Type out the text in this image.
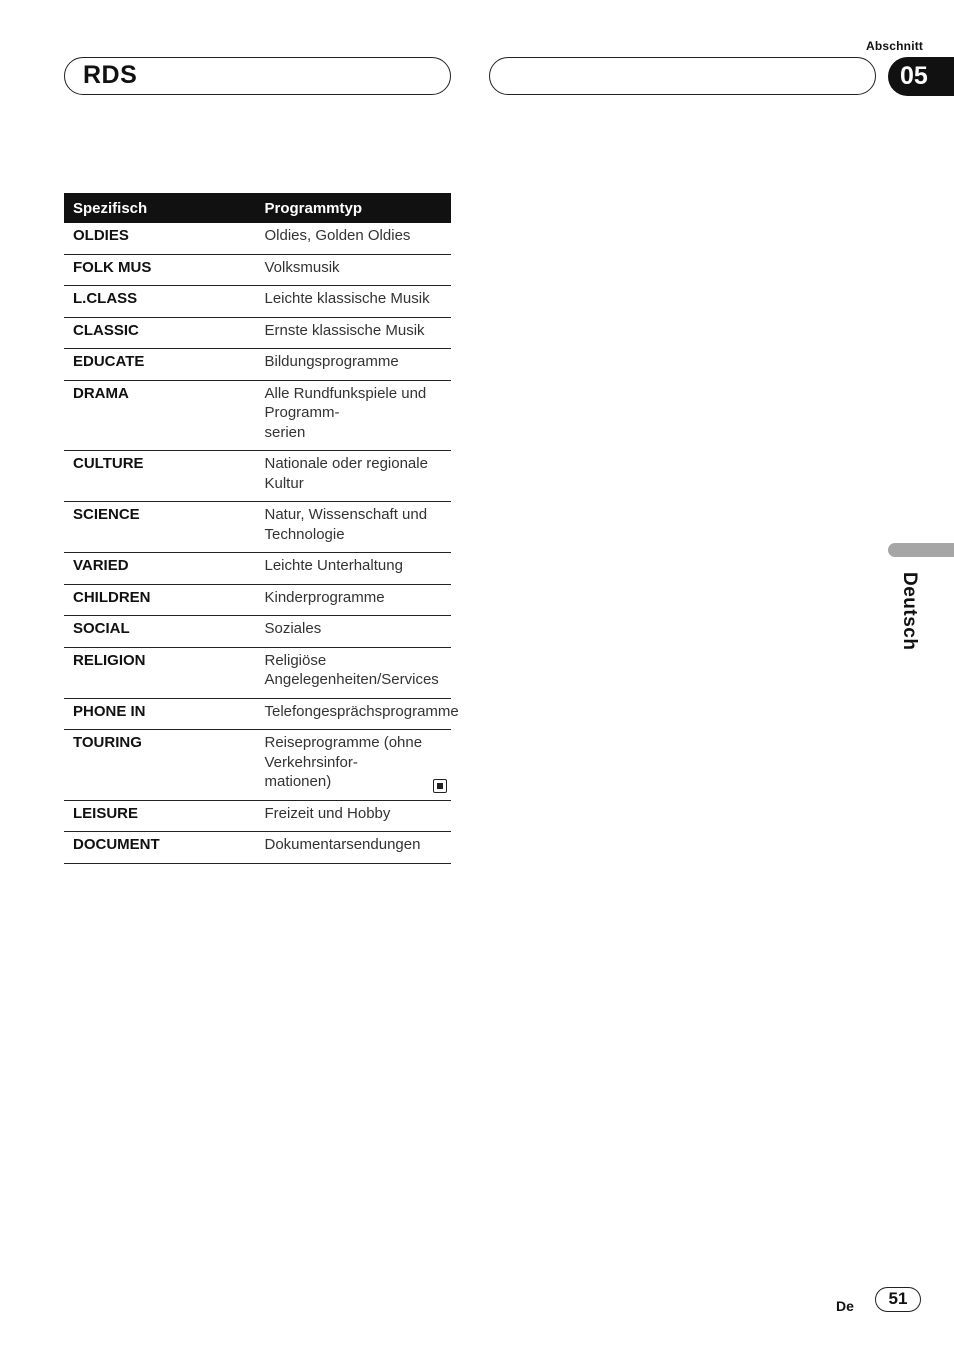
Abschnitt
RDS	05
Spezifisch	Programmtyp
OLDIES	Oldies, Golden Oldies
FOLK MUS	Volksmusik
L.CLASS	Leichte klassische Musik
CLASSIC	Ernste klassische Musik
EDUCATE	Bildungsprogramme
DRAMA	Alle Rundfunkspiele und Programm-
serien
CULTURE	Nationale oder regionale Kultur
SCIENCE	Natur, Wissenschaft und Technologie
VARIED	Leichte Unterhaltung
CHILDREN	Kinderprogramme
SOCIAL	Soziales
RELIGION	Religiöse Angelegenheiten/Services
PHONE IN	Telefongesprächsprogramme
TOURING	Reiseprogramme (ohne Verkehrsinfor-
mationen)
LEISURE	Freizeit und Hobby
DOCUMENT	Dokumentarsendungen
Deutsch
De	51
